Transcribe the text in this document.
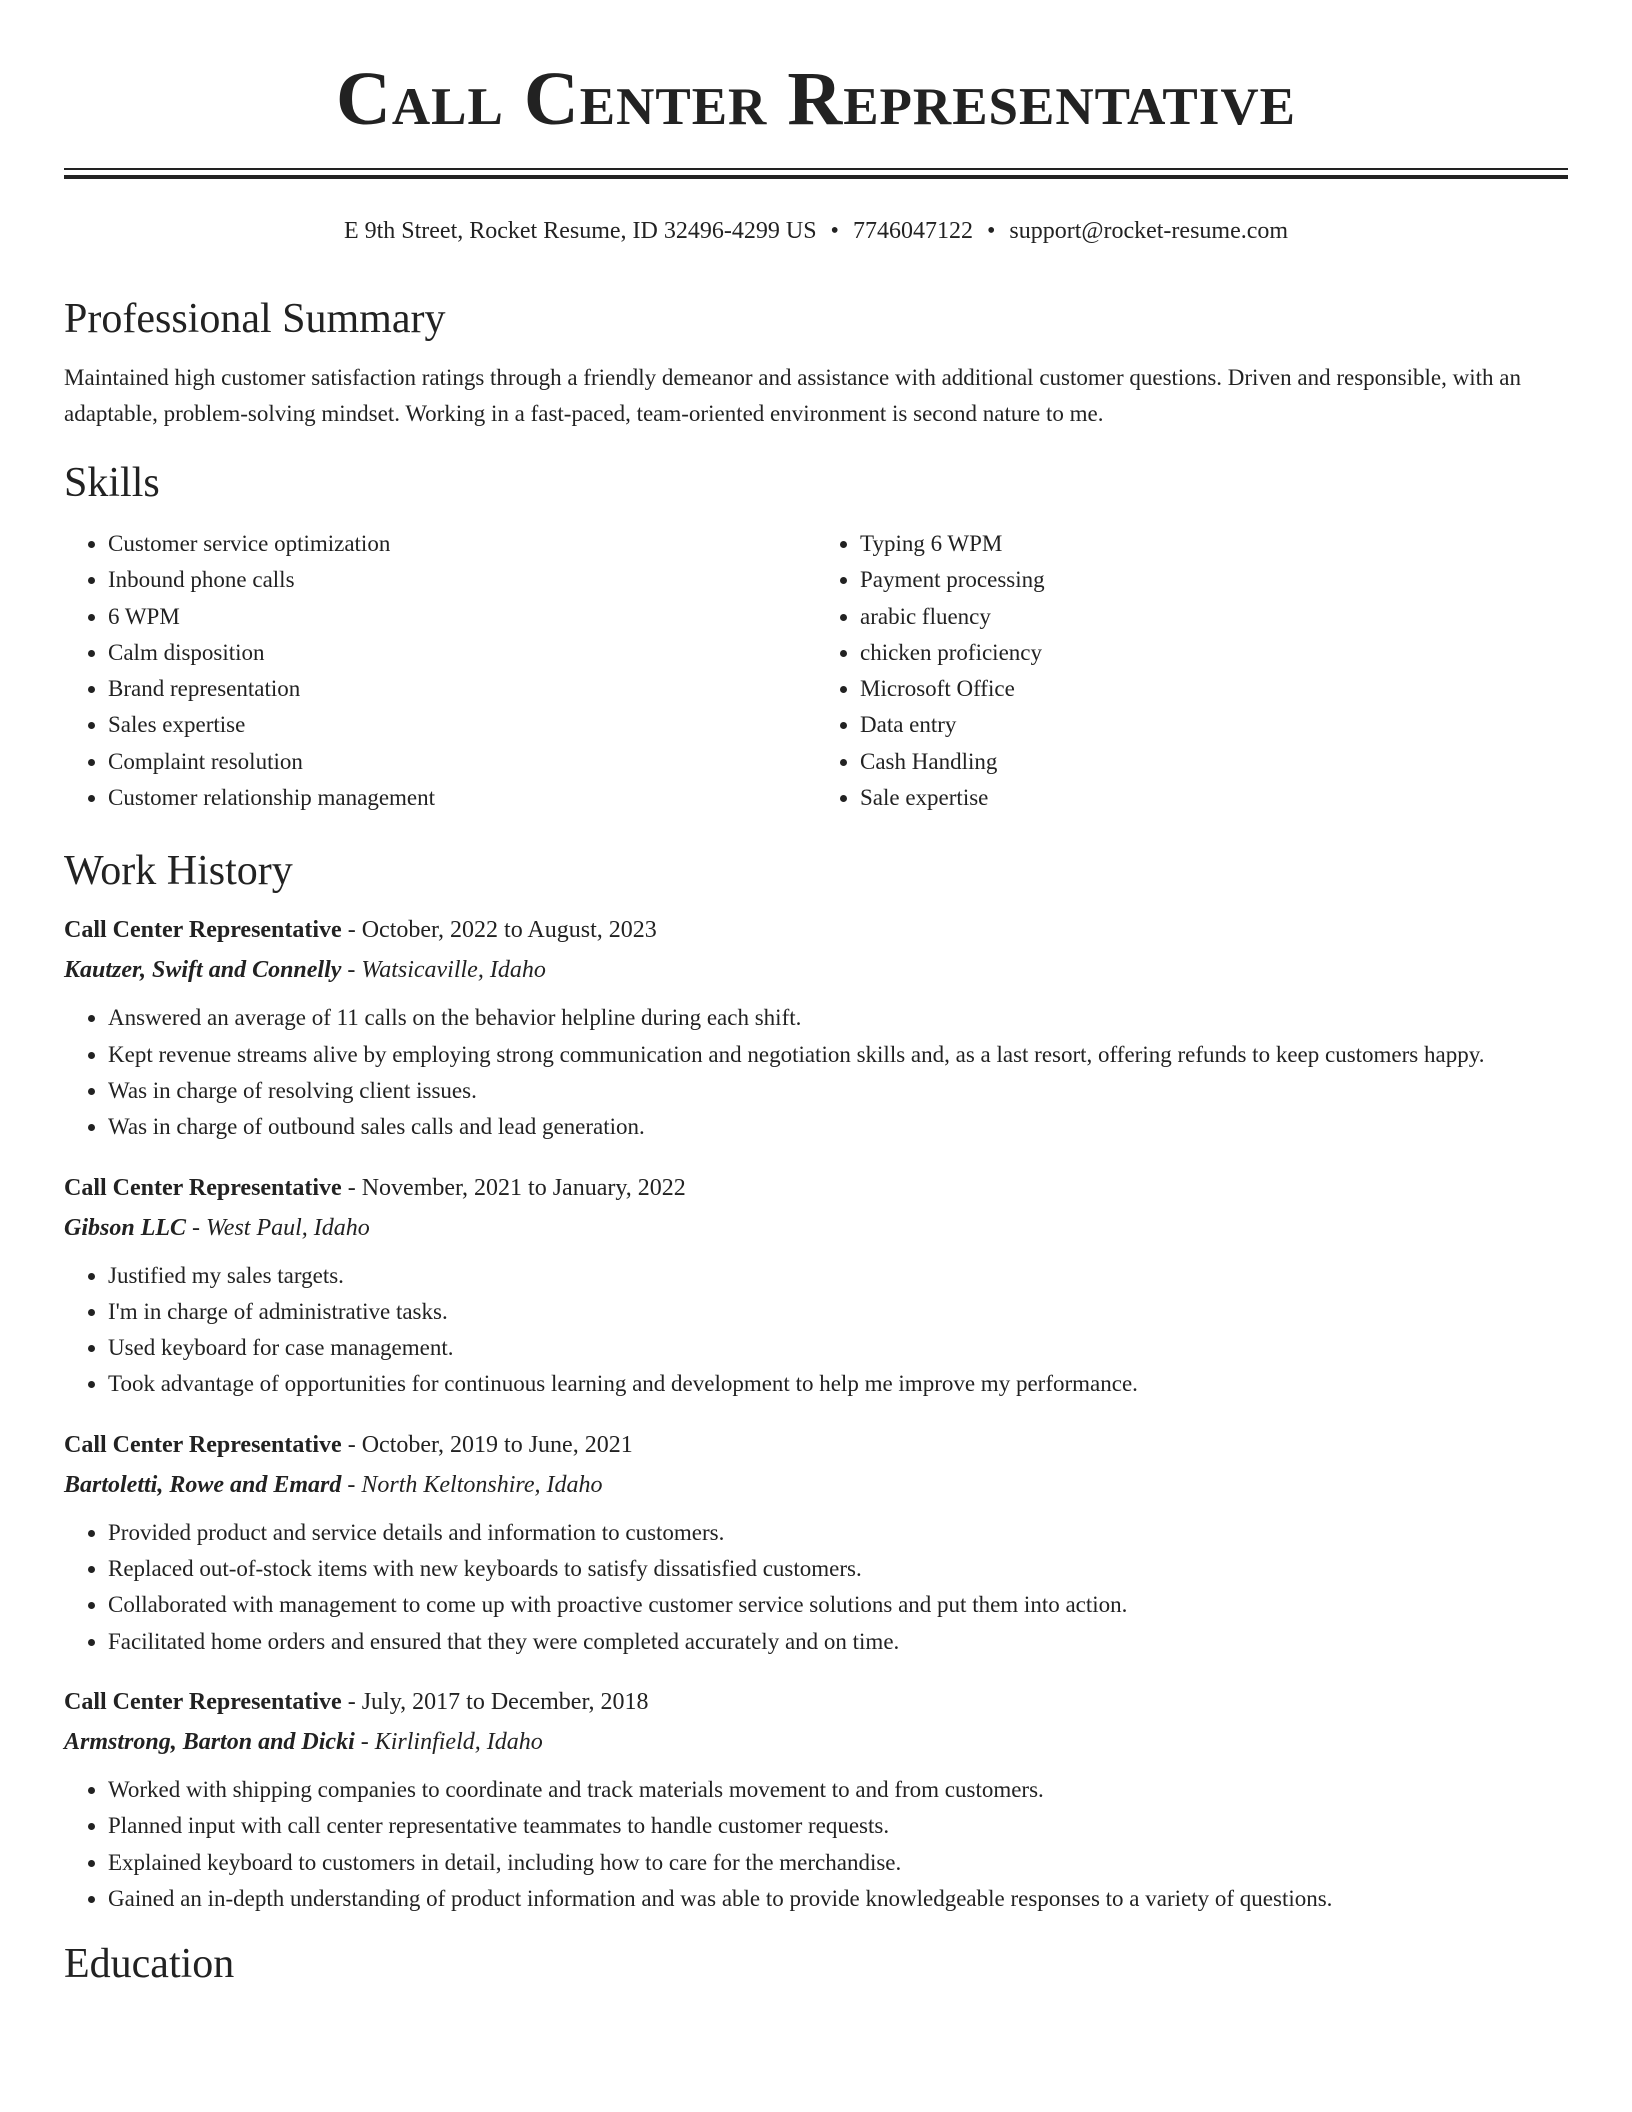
Call Center Representative
E 9th Street, Rocket Resume, ID 32496-4299 US • 7746047122 • support@rocket-resume.com
Professional Summary

Maintained high customer satisfaction ratings through a friendly demeanor and assistance with additional customer questions. Driven and responsible, with an adaptable, problem-solving mindset. Working in a fast-paced, team-oriented environment is second nature to me.

Skills
• Customer service optimization
• Inbound phone calls
• 6 WPM
• Calm disposition
• Brand representation
• Sales expertise
• Complaint resolution
• Customer relationship management
• Typing 6 WPM
• Payment processing
• arabic fluency
• chicken proficiency
• Microsoft Office
• Data entry
• Cash Handling
• Sale expertise
Work History
Call Center Representative - October, 2022 to August, 2023
Kautzer, Swift and Connelly - Watsicaville, Idaho
• Answered an average of 11 calls on the behavior helpline during each shift.
• Kept revenue streams alive by employing strong communication and negotiation skills and, as a last resort, offering refunds to keep customers happy.
• Was in charge of resolving client issues.
• Was in charge of outbound sales calls and lead generation.
Call Center Representative - November, 2021 to January, 2022
Gibson LLC - West Paul, Idaho
• Justified my sales targets.
• I'm in charge of administrative tasks.
• Used keyboard for case management.
• Took advantage of opportunities for continuous learning and development to help me improve my performance.
Call Center Representative - October, 2019 to June, 2021
Bartoletti, Rowe and Emard - North Keltonshire, Idaho
• Provided product and service details and information to customers.
• Replaced out-of-stock items with new keyboards to satisfy dissatisfied customers.
• Collaborated with management to come up with proactive customer service solutions and put them into action.
• Facilitated home orders and ensured that they were completed accurately and on time.
Call Center Representative - July, 2017 to December, 2018
Armstrong, Barton and Dicki - Kirlinfield, Idaho
• Worked with shipping companies to coordinate and track materials movement to and from customers.
• Planned input with call center representative teammates to handle customer requests.
• Explained keyboard to customers in detail, including how to care for the merchandise.
• Gained an in-depth understanding of product information and was able to provide knowledgeable responses to a variety of questions.
Education
